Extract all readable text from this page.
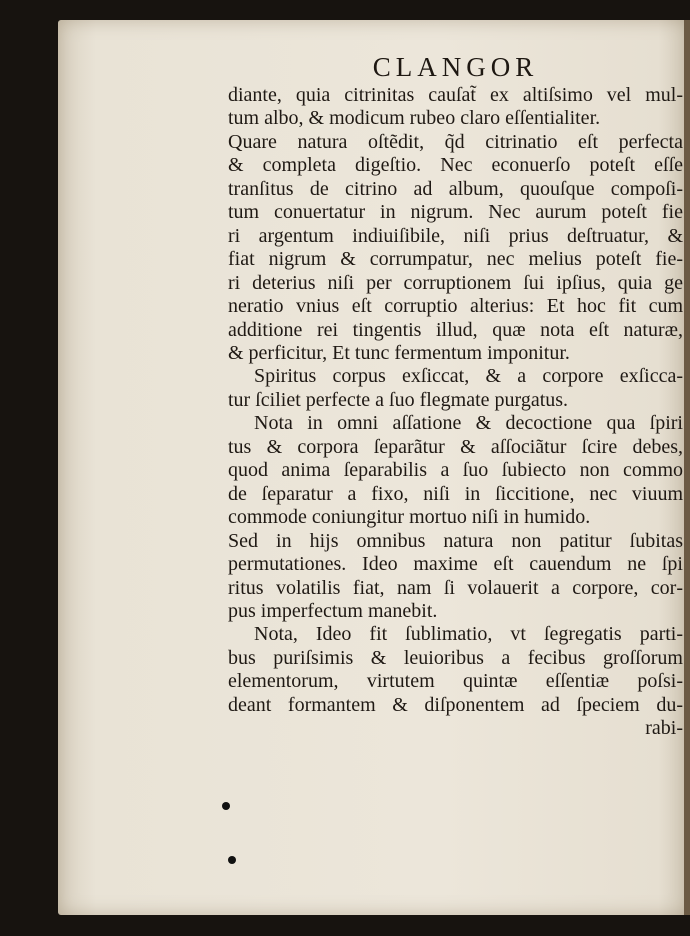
CLANGOR
diante, quia citrinitas cauſat̃ ex altiſsimo vel mul‑
tum albo, & modicum rubeo claro eſſentialiter.
Quare natura oſtẽdit, q̃d citrinatio eſt perfecta
& completa digeſtio. Nec econuerſo poteſt eſſe
tranſitus de citrino ad album, quouſque compoſi‑
tum conuertatur in nigrum. Nec aurum poteſt fie
ri argentum indiuiſibile, niſi prius deſtruatur, &
fiat nigrum & corrumpatur, nec melius poteſt fie‑
ri deterius niſi per corruptionem ſui ipſius, quia ge
neratio vnius eſt corruptio alterius: Et hoc fit cum
additione rei tingentis illud, quæ nota eſt naturæ,
& perficitur, Et tunc fermentum imponitur.
Spiritus corpus exſiccat, & a corpore exſicca‑
tur ſciliet perfecte a ſuo flegmate purgatus.
Nota in omni aſſatione & decoctione qua ſpiri
tus & corpora ſeparãtur & aſſociãtur ſcire debes,
quod anima ſeparabilis a ſuo ſubiecto non commo
de ſeparatur a fixo, niſi in ſiccitione, nec viuum
commode coniungitur mortuo niſi in humido.
Sed in hijs omnibus natura non patitur ſubitas
permutationes. Ideo maxime eſt cauendum ne ſpi
ritus volatilis fiat, nam ſi volauerit a corpore, cor‑
pus imperfectum manebit.
Nota, Ideo fit ſublimatio, vt ſegregatis parti‑
bus puriſsimis & leuioribus a fecibus groſſorum
elementorum, virtutem quintæ eſſentiæ poſsi‑
deant formantem & diſponentem ad ſpeciem du‑
rabi‑
